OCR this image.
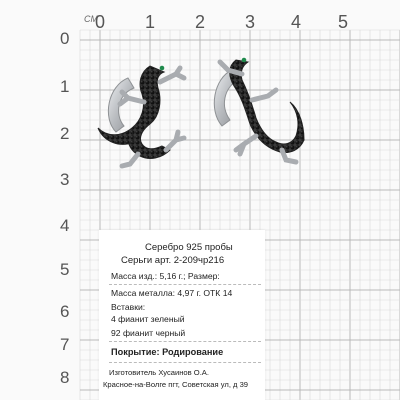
CM
0 1 2 3 4 5
0
1
2
3
4
5
6
7
8
Серебро 925 пробы
Серьги арт. 2-209чр216
Масса изд.: 5,16 г.; Размер:
Масса металла: 4,97 г. ОТК 14
Вставки:
4 фианит зеленый
92 фианит черный
Покрытие: Родирование
Изготовитель Хусаинов О.А.
Красное-на-Волге пгт, Советская ул, д 39
